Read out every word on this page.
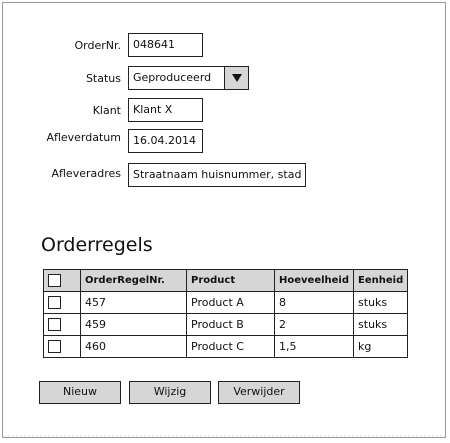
OrderNr.	048641
Status	Geproduceerd
Klant	Klant X
Afleverdatum	16.04.2014
Afleveradres	Straatnaam huisnummer, stad
Orderregels
	OrderRegelNr.	Product	Hoeveelheid	Eenheid
	457	Product A	8	stuks
	459	Product B	2	stuks
	460	Product C	1,5	kg
Nieuw	Wijzig	Verwijder
